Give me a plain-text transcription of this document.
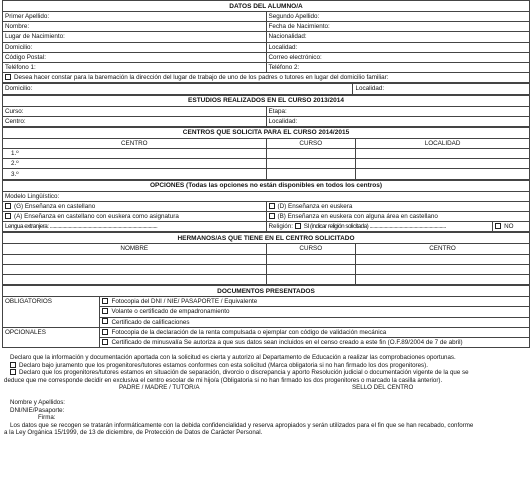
DATOS DEL ALUMNO/A	
Primer Apellido:	Segundo Apellido:
Nombre:	Fecha de Nacimiento:
Lugar de Nacimiento:	Nacionalidad:
Domicilio:	Localidad:
Código Postal:	Correo electrónico:
Teléfono 1:	Teléfono 2:
Desea hacer constar para la baremación la dirección del lugar de trabajo de uno de los padres o tutores en lugar del domicilio familiar:	
Domicilio:	Localidad:
ESTUDIOS REALIZADOS EN EL CURSO 2013/2014	
Curso:	Etapa:
Centro:	Localidad:
CENTROS QUE SOLICITA PARA EL CURSO 2014/2015		
CENTRO	CURSO	LOCALIDAD
1.º		
2.º		
3.º		
OPCIONES (Todas las opciones no están disponibles en todos los centros)		
Modelo Lingüístico:		
(G) Enseñanza en castellano	(D) Enseñanza en euskera	
(A) Enseñanza en castellano con euskera como asignatura	(B) Enseñanza en euskera con alguna área en castellano	
Lengua extranjera: ......................................................................................	Religión: SI (indicar religión solicitada) .............................................................	NO
HERMANOS/AS QUE TIENE EN EL CENTRO SOLICITADO		
NOMBRE	CURSO	CENTRO

DOCUMENTOS PRESENTADOS	
OBLIGATORIOS	Fotocopia del DNI / NIE/ PASAPORTE / Equivalente
	Volante o certificado de empadronamiento
	Certificado de calificaciones
OPCIONALES	Fotocopia de la declaración de la renta compulsada o ejemplar con código de validación mecánica
	Certificado de minusvalía Se autoriza a que sus datos sean incluidos en el censo creado a este fin (O.F.89/2004 de 7 de abril)

Declaro que la información y documentación aportada con la solicitud es cierta y autorizo al Departamento de Educación a realizar las comprobaciones oportunas.

Declaro bajo juramento que los progenitores/tutores estamos conformes con esta solicitud (Marca obligatoria si no han firmado los dos progenitores).

Declaro que los progenitores/tutores estamos en situación de separación, divorcio o discrepancia y aporto Resolución judicial o documentación vigente de la que se

deduce que me corresponde decidir en exclusiva el centro escolar de mi hijo/a (Obligatoria si no han firmado los dos progenitores o marcado la casilla anterior).

PADRE / MADRE / TUTOR/A	SELLO DEL CENTRO

Nombre y Apellidos:

DNI/NIE/Pasaporte:

Firma:

Los datos que se recogen se tratarán informáticamente con la debida confidencialidad y reserva apropiados y serán utilizados para el fin que se han recabado, conforme

a la Ley Orgánica 15/1999, de 13 de diciembre, de Protección de Datos de Carácter Personal.
